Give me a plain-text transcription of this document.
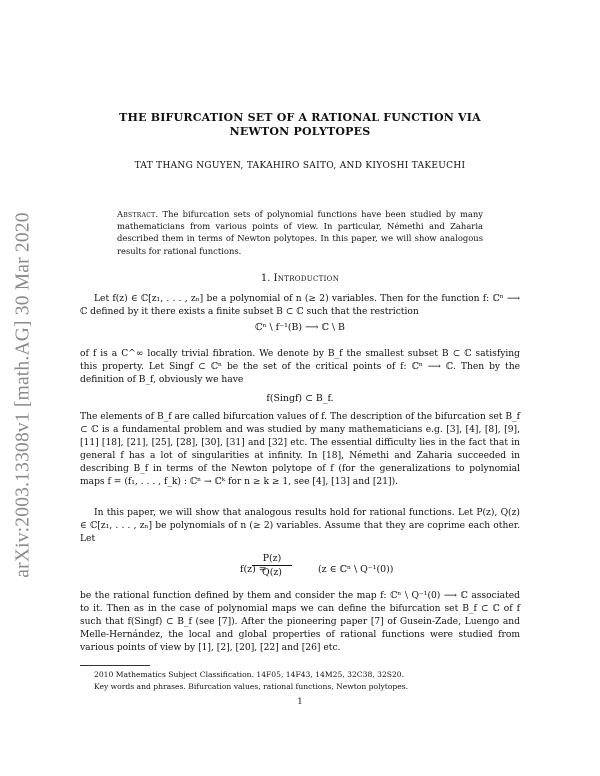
arXiv:2003.13308v1 [math.AG] 30 Mar 2020
THE BIFURCATION SET OF A RATIONAL FUNCTION VIA
NEWTON POLYTOPES
TAT THANG NGUYEN, TAKAHIRO SAITO, AND KIYOSHI TAKEUCHI
Abstract. The bifurcation sets of polynomial functions have been studied by many mathematicians from various points of view. In particular, Némethi and Zaharia described them in terms of Newton polytopes. In this paper, we will show analogous results for rational functions.
1. Introduction

Let f(z) ∈ ℂ[z₁, . . . , zₙ] be a polynomial of n (≥ 2) variables. Then for the function f: ℂⁿ ⟶ ℂ defined by it there exists a finite subset B ⊂ ℂ such that the restriction

ℂⁿ \ f⁻¹(B) ⟶ ℂ \ B

of f is a C^∞ locally trivial fibration. We denote by B_f the smallest subset B ⊂ ℂ satisfying this property. Let Singf ⊂ ℂⁿ be the set of the critical points of f: ℂⁿ ⟶ ℂ. Then by the definition of B_f, obviously we have

f(Singf) ⊂ B_f.

The elements of B_f are called bifurcation values of f. The description of the bifurcation set B_f ⊂ ℂ is a fundamental problem and was studied by many mathematicians e.g. [3], [4], [8], [9], [11] [18], [21], [25], [28], [30], [31] and [32] etc. The essential difficulty lies in the fact that in general f has a lot of singularities at infinity. In [18], Némethi and Zaharia succeeded in describing B_f in terms of the Newton polytope of f (for the generalizations to polynomial maps f = (f₁, . . . , f_k) : ℂⁿ → ℂᵏ for n ≥ k ≥ 1, see [4], [13] and [21]).

In this paper, we will show that analogous results hold for rational functions. Let P(z), Q(z) ∈ ℂ[z₁, . . . , zₙ] be polynomials of n (≥ 2) variables. Assume that they are coprime each other. Let

f(z) =
$\frac{P(z)}{Q(z)}$	(z ∈ ℂⁿ \ Q⁻¹(0))

be the rational function defined by them and consider the map f: ℂⁿ \ Q⁻¹(0) ⟶ ℂ associated to it. Then as in the case of polynomial maps we can define the bifurcation set B_f ⊂ ℂ of f such that f(Singf) ⊂ B_f (see [7]). After the pioneering paper [7] of Gusein-Zade, Luengo and Melle-Hernández, the local and global properties of rational functions were studied from various points of view by [1], [2], [20], [22] and [26] etc.

2010 Mathematics Subject Classification. 14F05, 14F43, 14M25, 32C38, 32S20.
Key words and phrases. Bifurcation values, rational functions, Newton polytopes.
1
